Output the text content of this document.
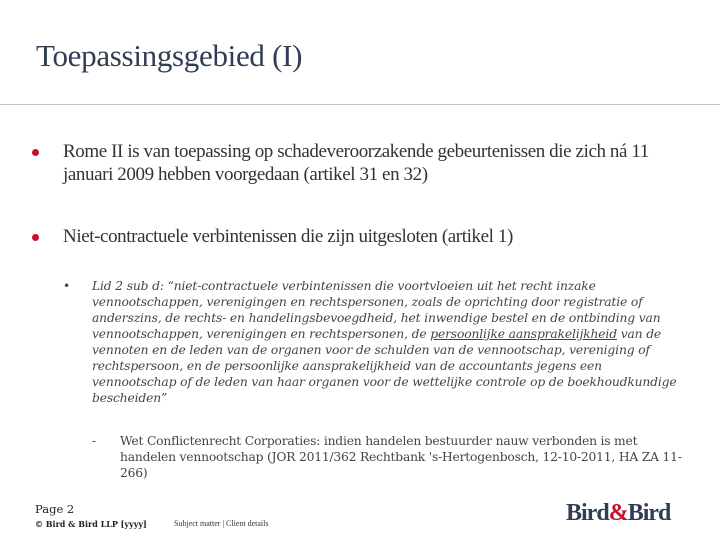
Toepassingsgebied (I)
Rome II is van toepassing op schadeveroorzakende gebeurtenissen die zich ná 11 januari 2009 hebben voorgedaan (artikel 31 en 32)
Niet-contractuele verbintenissen die zijn uitgesloten (artikel 1)
• Lid 2 sub d: “niet-contractuele verbintenissen die voortvloeien uit het recht inzake vennootschappen, verenigingen en rechtspersonen, zoals de oprichting door registratie of anderszins, de rechts- en handelingsbevoegdheid, het inwendige bestel en de ontbinding van vennootschappen, verenigingen en rechtspersonen, de persoonlijke aansprakelijkheid van de vennoten en de leden van de organen voor de schulden van de vennootschap, vereniging of rechtspersoon, en de persoonlijke aansprakelijkheid van de accountants jegens een vennootschap of de leden van haar organen voor de wettelijke controle op de boekhoudkundige bescheiden”
- Wet Conflictenrecht Corporaties: indien handelen bestuurder nauw verbonden is met handelen vennootschap (JOR 2011/362 Rechtbank 's-Hertogenbosch, 12-10-2011, HA ZA 11-266)
Page 2
© Bird & Bird LLP [yyyy]	Subject matter | Client details	Bird&Bird
